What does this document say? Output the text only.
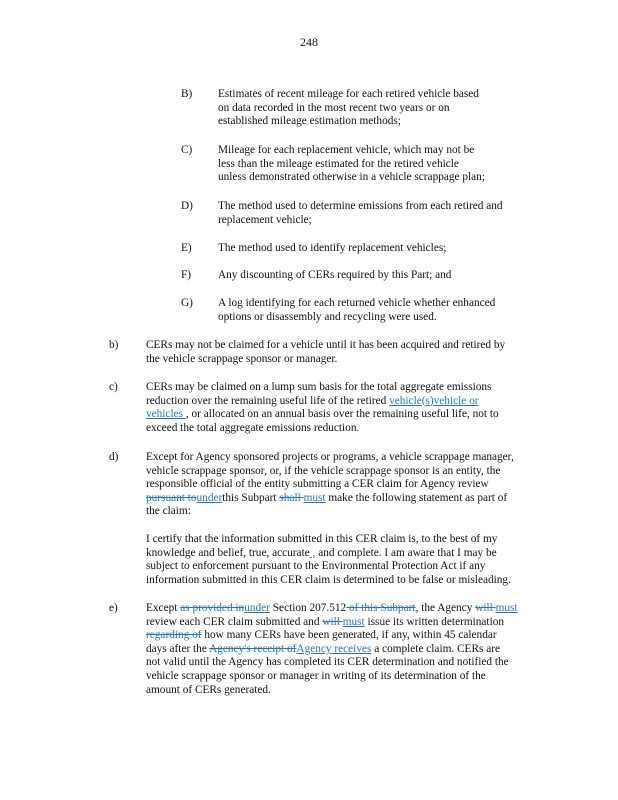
248
B) Estimates of recent mileage for each retired vehicle based
on data recorded in the most recent two years or on
established mileage estimation methods;
C) Mileage for each replacement vehicle, which may not be
less than the mileage estimated for the retired vehicle
unless demonstrated otherwise in a vehicle scrappage plan;
D) The method used to determine emissions from each retired and
replacement vehicle;
E) The method used to identify replacement vehicles;
F) Any discounting of CERs required by this Part; and
G) A log identifying for each returned vehicle whether enhanced
options or disassembly and recycling were used.
b) CERs may not be claimed for a vehicle until it has been acquired and retired by
the vehicle scrappage sponsor or manager.
c) CERs may be claimed on a lump sum basis for the total aggregate emissions
reduction over the remaining useful life of the retired vehicle(s)vehicle or
vehicles , or allocated on an annual basis over the remaining useful life, not to
exceed the total aggregate emissions reduction.
d) Except for Agency sponsored projects or programs, a vehicle scrappage manager,
vehicle scrappage sponsor, or, if the vehicle scrappage sponsor is an entity, the
responsible official of the entity submitting a CER claim for Agency review
pursuant tounderthis Subpart shall must make the following statement as part of
the claim:
I certify that the information submitted in this CER claim is, to the best of my
knowledge and belief, true, accurate , and complete. I am aware that I may be
subject to enforcement pursuant to the Environmental Protection Act if any
information submitted in this CER claim is determined to be false or misleading.
e) Except as provided inunder Section 207.512 of this Subpart, the Agency will must
review each CER claim submitted and will must issue its written determination
regarding of how many CERs have been generated, if any, within 45 calendar
days after the Agency's receipt ofAgency receives a complete claim. CERs are
not valid until the Agency has completed its CER determination and notified the
vehicle scrappage sponsor or manager in writing of its determination of the
amount of CERs generated.
